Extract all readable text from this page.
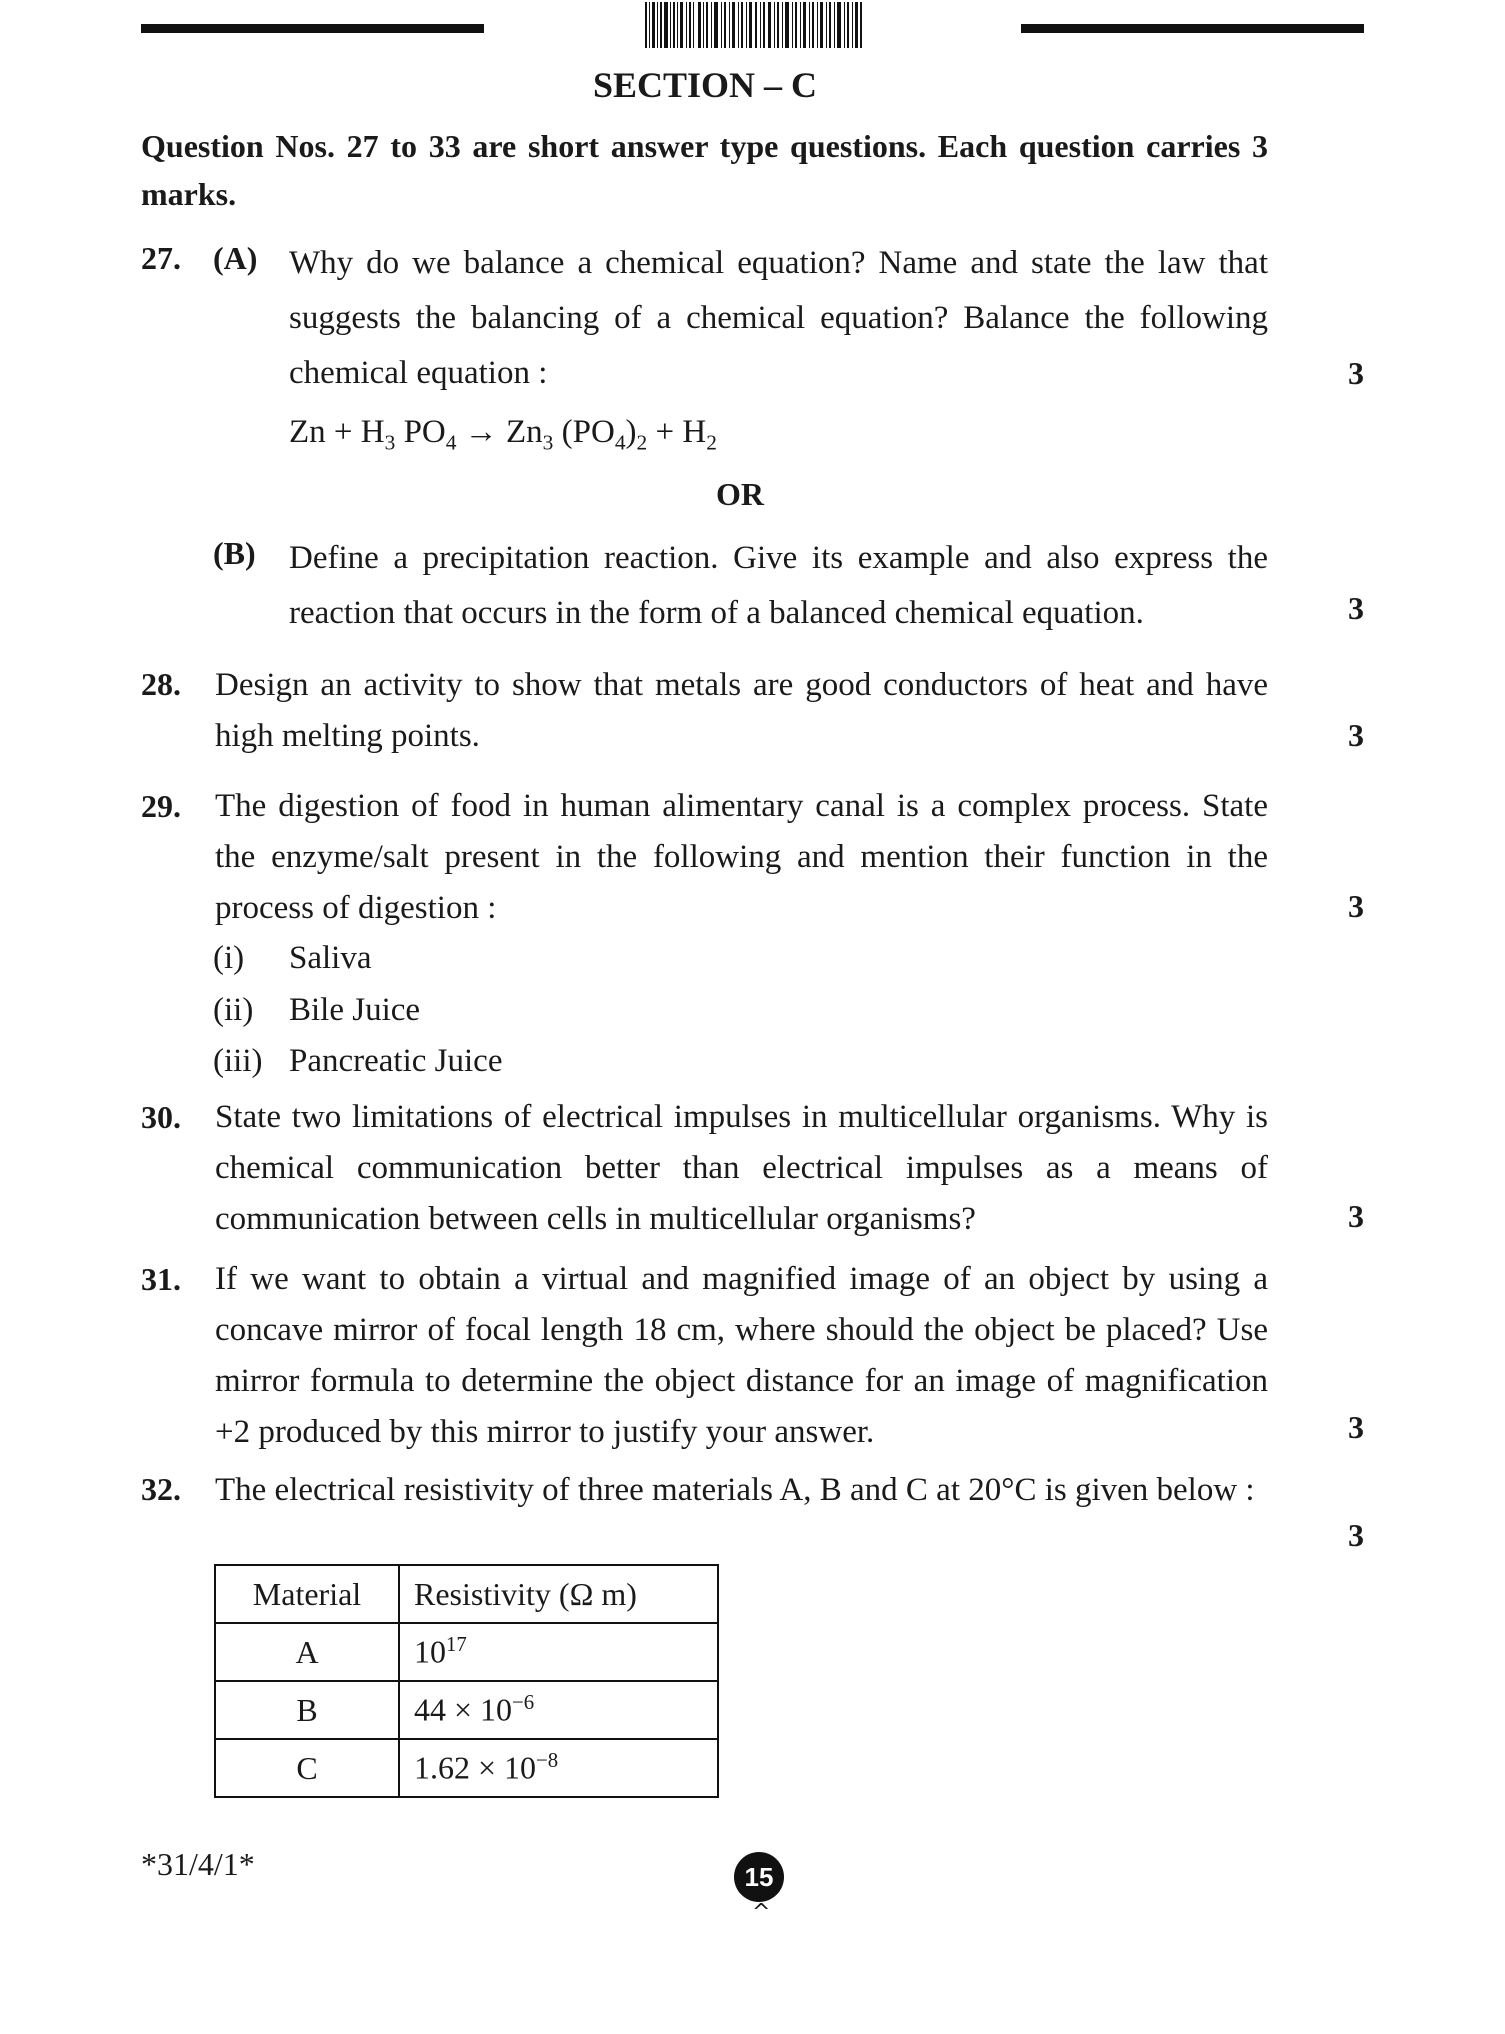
SECTION – C
Question Nos. 27 to 33 are short answer type questions. Each question carries 3 marks.
27. (A) Why do we balance a chemical equation? Name and state the law that suggests the balancing of a chemical equation? Balance the following chemical equation :	3
$Zn + H_3$ $PO_4 \to Zn_3$ $(PO_4)_2 + H_2$
OR
(B) Define a precipitation reaction. Give its example and also express the reaction that occurs in the form of a balanced chemical equation.	3
28. Design an activity to show that metals are good conductors of heat and have high melting points.	3
29. The digestion of food in human alimentary canal is a complex process. State the enzyme/salt present in the following and mention their function in the process of digestion :	3
(i) Saliva
(ii) Bile Juice
(iii) Pancreatic Juice
30. State two limitations of electrical impulses in multicellular organisms. Why is chemical communication better than electrical impulses as a means of communication between cells in multicellular organisms?	3
31. If we want to obtain a virtual and magnified image of an object by using a concave mirror of focal length 18 cm, where should the object be placed? Use mirror formula to determine the object distance for an image of magnification +2 produced by this mirror to justify your answer.	3
32. The electrical resistivity of three materials A, B and C at 20°C is given below :
3
Material	Resistivity (Ω m)
A	$10^{17}$
B	$44 \times 10^{-6}$
C	$1.62 \times 10^{-8}$
*31/4/1*	15
^
